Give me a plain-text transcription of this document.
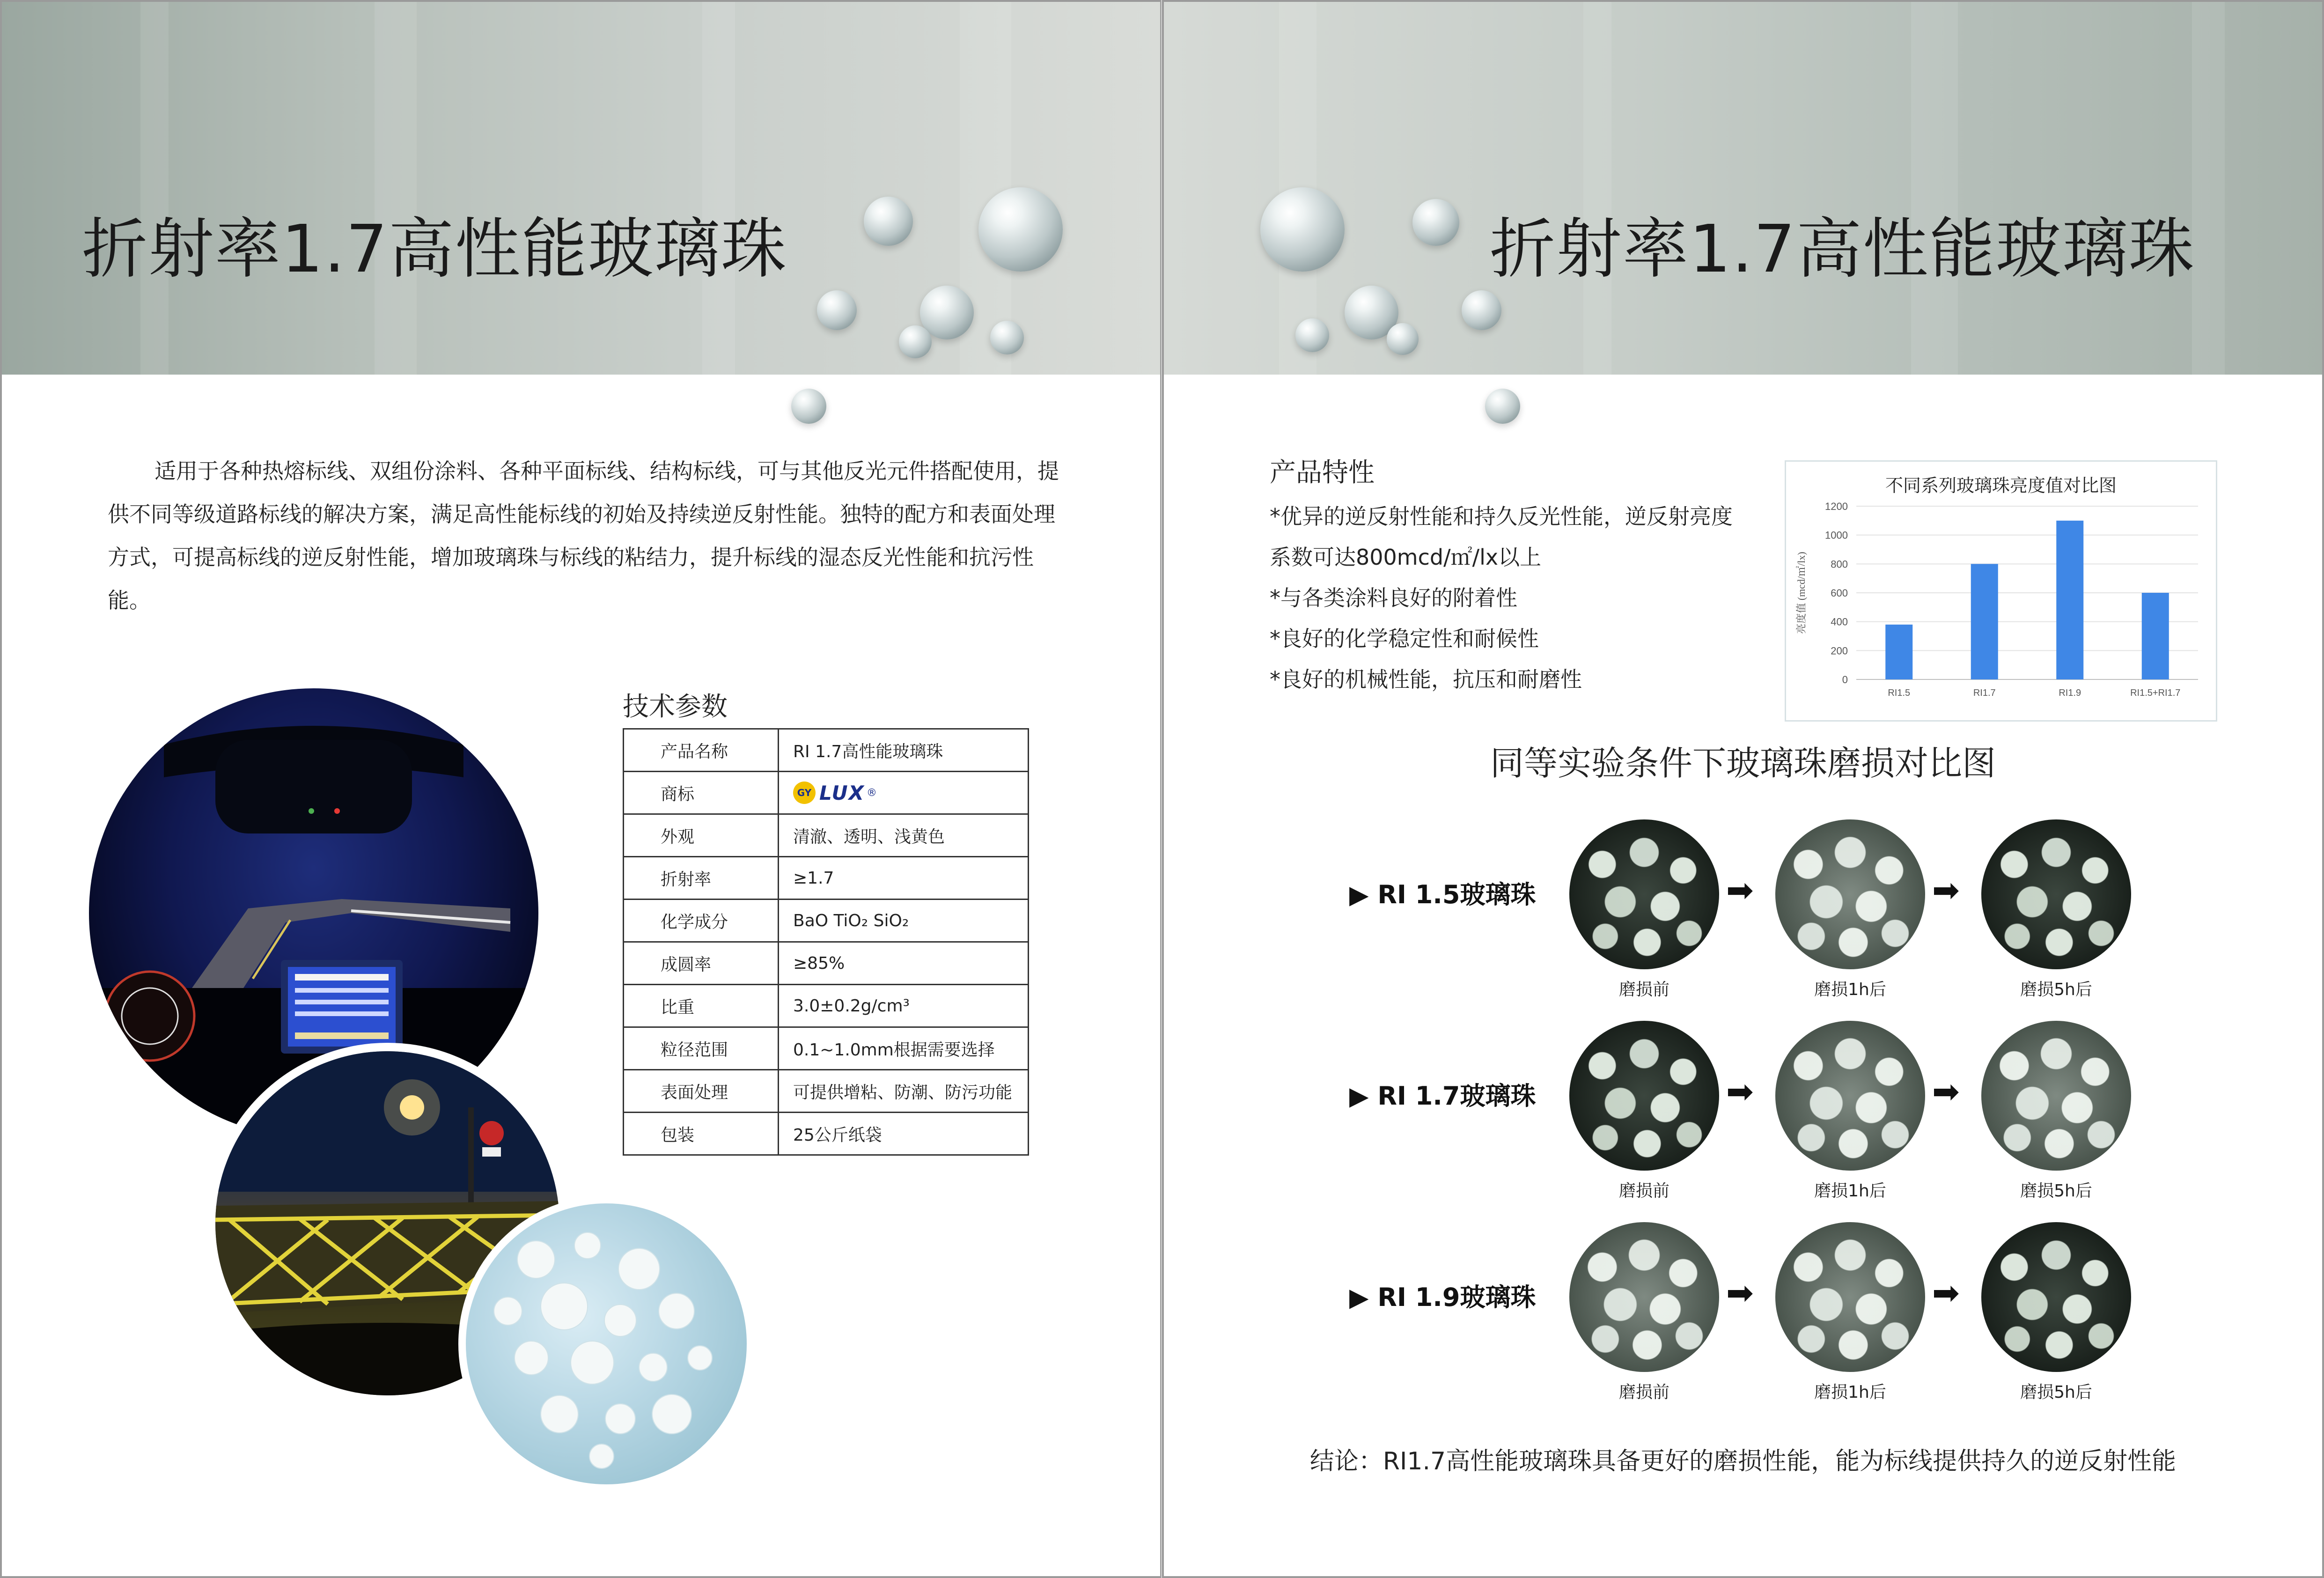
折射率1.7高性能玻璃珠

适用于各种热熔标线、双组份涂料、各种平面标线、结构标线，可与其他反光元件搭配使用，提供不同等级道路标线的解决方案，满足高性能标线的初始及持续逆反射性能。独特的配方和表面处理方式，可提高标线的逆反射性能，增加玻璃珠与标线的粘结力，提升标线的湿态反光性能和抗污性能。

技术参数
产品名称	RI 1.7高性能玻璃珠
商标	GY LUX ®

外观	清澈、透明、浅黄色
折射率	≥1.7
化学成分	BaO TiO₂ SiO₂
成圆率	≥85%
比重	3.0±0.2g/cm³
粒径范围	0.1~1.0mm根据需要选择
表面处理	可提供增粘、防潮、防污功能
包装	25公斤纸袋
折射率1.7高性能玻璃珠
产品特性
*优异的逆反射性能和持久反光性能，逆反射亮度
系数可达800mcd/㎡/lx以上
*与各类涂料良好的附着性
*良好的化学稳定性和耐候性
*良好的机械性能，抗压和耐磨性
不同系列玻璃珠亮度值对比图
亮度值 (mcd/㎡/lx)
0
200
400
600
800
1000
1200
RI1.5	RI1.7	RI1.9	RI1.5+RI1.7
同等实验条件下玻璃珠磨损对比图
▶ RI 1.5玻璃珠	➡	➡
磨损前	磨损1h后	磨损5h后
▶ RI 1.7玻璃珠	➡	➡
磨损前	磨损1h后	磨损5h后
▶ RI 1.9玻璃珠	➡	➡
磨损前	磨损1h后	磨损5h后
结论：RI1.7高性能玻璃珠具备更好的磨损性能，能为标线提供持久的逆反射性能
